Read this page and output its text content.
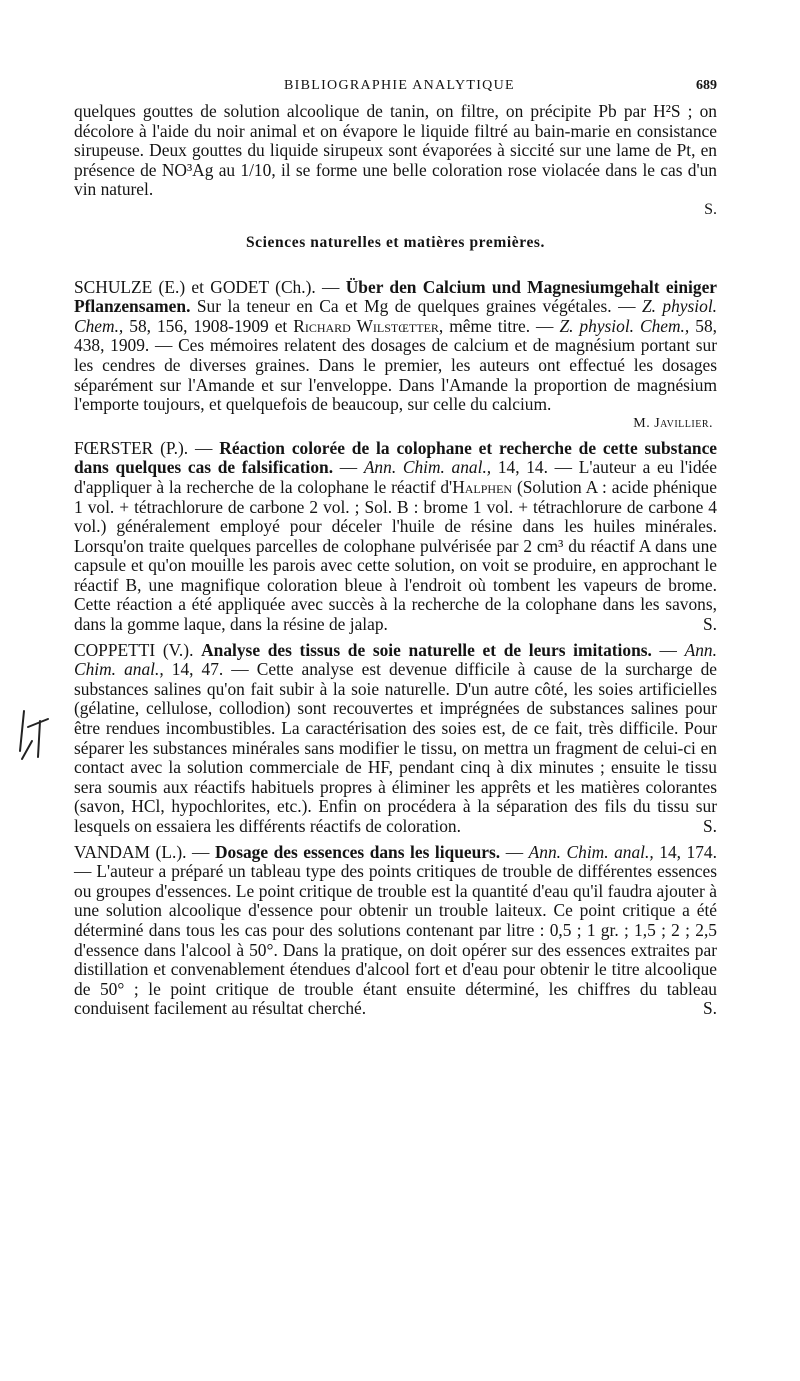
BIBLIOGRAPHIE ANALYTIQUE	689

quelques gouttes de solution alcoolique de tanin, on filtre, on précipite Pb par H²S ; on décolore à l'aide du noir animal et on évapore le liquide filtré au bain-marie en consistance sirupeuse. Deux gouttes du liquide sirupeux sont évaporées à siccité sur une lame de Pt, en présence de NO³Ag au 1/10, il se forme une belle coloration rose violacée dans le cas d'un vin naturel.

S.
Sciences naturelles et matières premières.

SCHULZE (E.) et GODET (Ch.). — Über den Calcium und Magnesiumgehalt einiger Pflanzensamen. Sur la teneur en Ca et Mg de quelques graines végétales. — Z. physiol. Chem., 58, 156, 1908-1909 et Richard Wilstœtter, même titre. — Z. physiol. Chem., 58, 438, 1909. — Ces mémoires relatent des dosages de calcium et de magnésium portant sur les cendres de diverses graines. Dans le premier, les auteurs ont effectué les dosages séparément sur l'Amande et sur l'enveloppe. Dans l'Amande la proportion de magnésium l'emporte toujours, et quelquefois de beaucoup, sur celle du calcium.

M. Javillier.

FŒRSTER (P.). — Réaction colorée de la colophane et recherche de cette substance dans quelques cas de falsification. — Ann. Chim. anal., 14, 14. — L'auteur a eu l'idée d'appliquer à la recherche de la colophane le réactif d'Halphen (Solution A : acide phénique 1 vol. + tétrachlorure de carbone 2 vol. ; Sol. B : brome 1 vol. + tétrachlorure de carbone 4 vol.) généralement employé pour déceler l'huile de résine dans les huiles minérales. Lorsqu'on traite quelques parcelles de colophane pulvérisée par 2 cm³ du réactif A dans une capsule et qu'on mouille les parois avec cette solution, on voit se produire, en approchant le réactif B, une magnifique coloration bleue à l'endroit où tombent les vapeurs de brome. Cette réaction a été appliquée avec succès à la recherche de la colophane dans les savons, dans la gomme laque, dans la résine de jalap.	S.

COPPETTI (V.). Analyse des tissus de soie naturelle et de leurs imitations. — Ann. Chim. anal., 14, 47. — Cette analyse est devenue difficile à cause de la surcharge de substances salines qu'on fait subir à la soie naturelle. D'un autre côté, les soies artificielles (gélatine, cellulose, collodion) sont recouvertes et imprégnées de substances salines pour être rendues incombustibles. La caractérisation des soies est, de ce fait, très difficile. Pour séparer les substances minérales sans modifier le tissu, on mettra un fragment de celui-ci en contact avec la solution commerciale de HF, pendant cinq à dix minutes ; ensuite le tissu sera soumis aux réactifs habituels propres à éliminer les apprêts et les matières colorantes (savon, HCl, hypochlorites, etc.). Enfin on procédera à la séparation des fils du tissu sur lesquels on essaiera les différents réactifs de coloration.	S.

VANDAM (L.). — Dosage des essences dans les liqueurs. — Ann. Chim. anal., 14, 174. — L'auteur a préparé un tableau type des points critiques de trouble de différentes essences ou groupes d'essences. Le point critique de trouble est la quantité d'eau qu'il faudra ajouter à une solution alcoolique d'essence pour obtenir un trouble laiteux. Ce point critique a été déterminé dans tous les cas pour des solutions contenant par litre : 0,5 ; 1 gr. ; 1,5 ; 2 ; 2,5 d'essence dans l'alcool à 50°. Dans la pratique, on doit opérer sur des essences extraites par distillation et convenablement étendues d'alcool fort et d'eau pour obtenir le titre alcoolique de 50° ; le point critique de trouble étant ensuite déterminé, les chiffres du tableau conduisent facilement au résultat cherché.	S.
